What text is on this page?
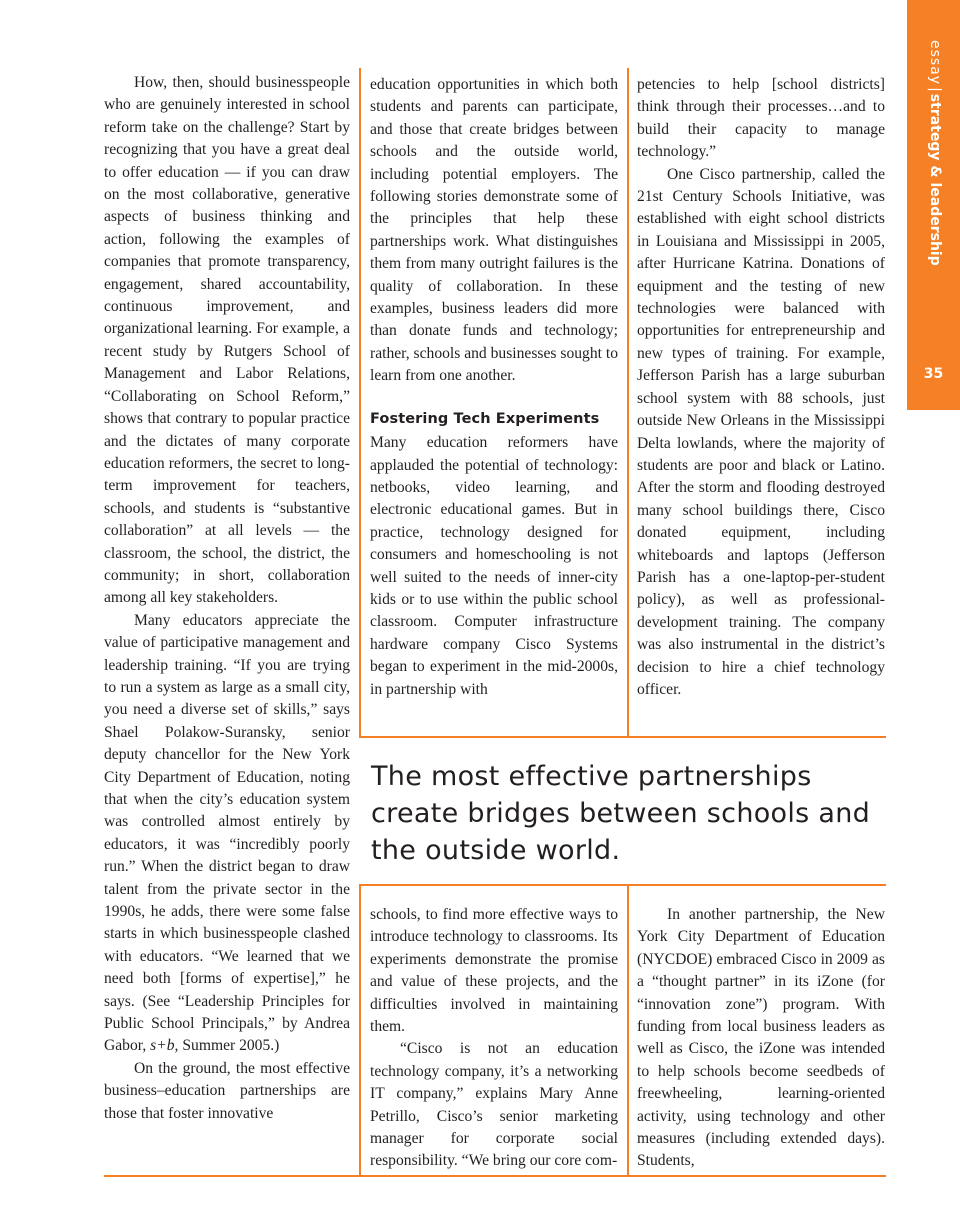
essay|strategy & leadership
35

How, then, should businesspeople who are genuinely interested in school reform take on the challenge? Start by recognizing that you have a great deal to offer education — if you can draw on the most collaborative, generative aspects of business thinking and action, following the examples of companies that promote transparency, engagement, shared accountability, continuous improvement, and organizational learning. For example, a recent study by Rutgers School of Management and Labor Relations, “Collaborating on School Reform,” shows that contrary to popular practice and the dictates of many corporate education reformers, the secret to long-term improvement for teachers, schools, and students is “substantive collaboration” at all levels — the classroom, the school, the district, the community; in short, collaboration among all key stakeholders.

Many educators appreciate the value of participative management and leadership training. “If you are trying to run a system as large as a small city, you need a diverse set of skills,” says Shael Polakow-Suransky, senior deputy chancellor for the New York City Department of Education, noting that when the city’s education system was controlled almost entirely by educators, it was “incredibly poorly run.” When the district began to draw talent from the private sector in the 1990s, he adds, there were some false starts in which businesspeople clashed with educators. “We learned that we need both [forms of expertise],” he says. (See “Leadership Principles for Public School Principals,” by Andrea Gabor, s+b, Summer 2005.)

On the ground, the most effective business–education partnerships are those that foster innovative

education opportunities in which both students and parents can participate, and those that create bridges between schools and the outside world, including potential employers. The following stories demonstrate some of the principles that help these partnerships work. What distinguishes them from many outright failures is the quality of collaboration. In these examples, business leaders did more than donate funds and technology; rather, schools and businesses sought to learn from one another.

Fostering Tech Experiments

Many education reformers have applauded the potential of technology: netbooks, video learning, and electronic educational games. But in practice, technology designed for consumers and homeschooling is not well suited to the needs of inner-city kids or to use within the public school classroom. Computer infrastructure hardware company Cisco Systems began to experiment in the mid-2000s, in partnership with

petencies to help [school districts] think through their processes…and to build their capacity to manage technology.”

One Cisco partnership, called the 21st Century Schools Initiative, was established with eight school districts in Louisiana and Mississippi in 2005, after Hurricane Katrina. Donations of equipment and the testing of new technologies were balanced with opportunities for entrepreneurship and new types of training. For example, Jefferson Parish has a large suburban school system with 88 schools, just outside New Orleans in the Mississippi Delta lowlands, where the majority of students are poor and black or Latino. After the storm and flooding destroyed many school buildings there, Cisco donated equipment, including whiteboards and laptops (Jefferson Parish has a one-laptop-per-student policy), as well as professional-development training. The company was also instrumental in the district’s decision to hire a chief technology officer.

The most effective partnerships create bridges between schools and the outside world.

schools, to find more effective ways to introduce technology to classrooms. Its experiments demonstrate the promise and value of these projects, and the difficulties involved in maintaining them.

“Cisco is not an education technology company, it’s a networking IT company,” explains Mary Anne Petrillo, Cisco’s senior marketing manager for corporate social responsibility. “We bring our core com-

In another partnership, the New York City Department of Education (NYCDOE) embraced Cisco in 2009 as a “thought partner” in its iZone (for “innovation zone”) program. With funding from local business leaders as well as Cisco, the iZone was intended to help schools become seedbeds of freewheeling, learning-oriented activity, using technology and other measures (including extended days). Students,
